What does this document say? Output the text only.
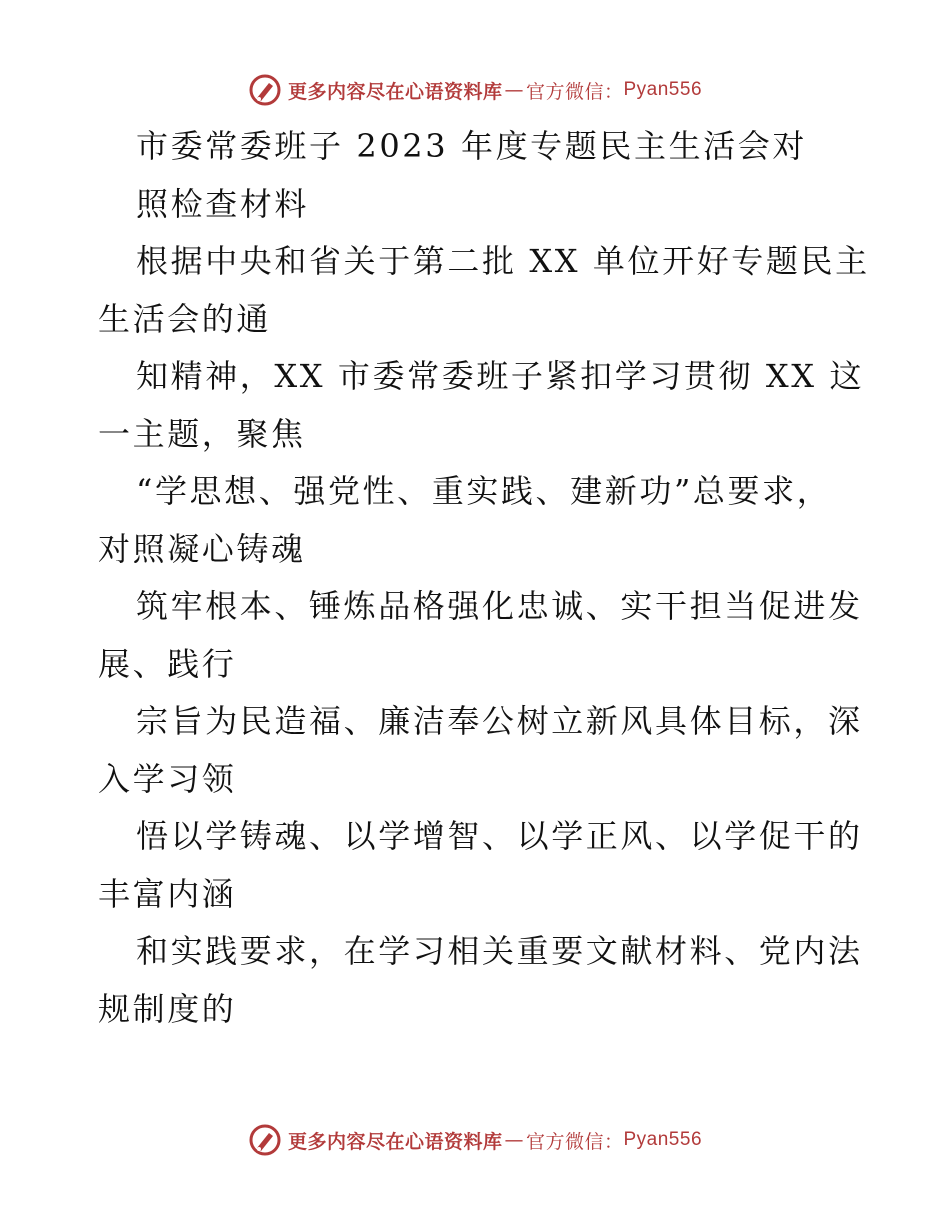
更多内容尽在心语资料库 — 官方微信： Pyan556
市委常委班子 2023 年度专题民主生活会对
照检查材料
根据中央和省关于第二批 XX 单位开好专题民主
生活会的通
知精神，XX 市委常委班子紧扣学习贯彻 XX 这
一主题，聚焦
“学思想、强党性、重实践、建新功”总要求，
对照凝心铸魂
筑牢根本、锤炼品格强化忠诚、实干担当促进发
展、践行
宗旨为民造福、廉洁奉公树立新风具体目标，深
入学习领
悟以学铸魂、以学增智、以学正风、以学促干的
丰富内涵
和实践要求，在学习相关重要文献材料、党内法
规制度的
更多内容尽在心语资料库 — 官方微信： Pyan556
